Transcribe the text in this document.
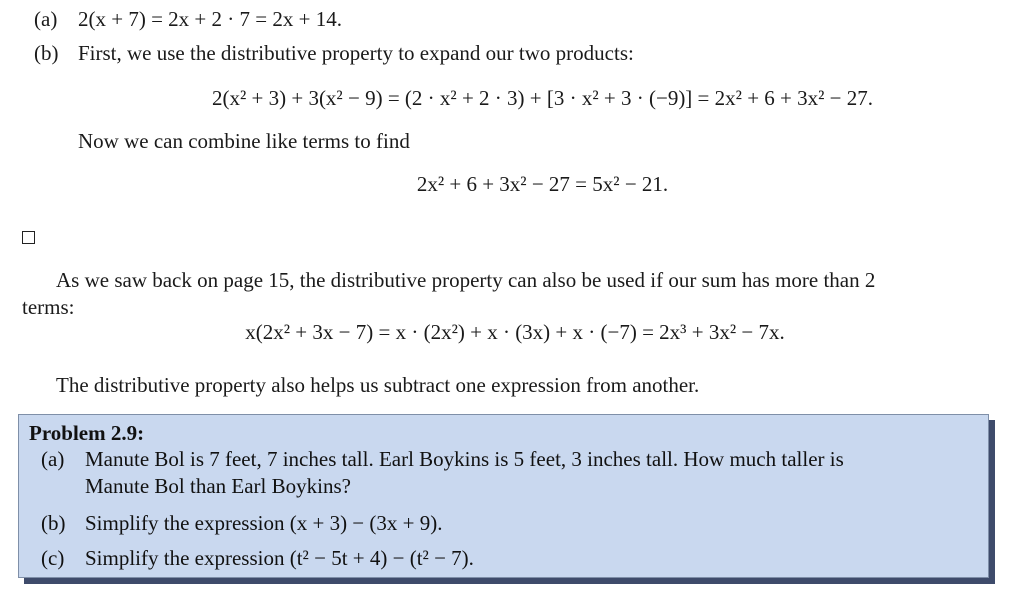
(a) 2(x + 7) = 2x + 2 · 7 = 2x + 14.
(b) First, we use the distributive property to expand our two products:
2(x² + 3) + 3(x² − 9) = (2 · x² + 2 · 3) + [3 · x² + 3 · (−9)] = 2x² + 6 + 3x² − 27.
Now we can combine like terms to find
2x² + 6 + 3x² − 27 = 5x² − 21.
As we saw back on page 15, the distributive property can also be used if our sum has more than 2
terms:
x(2x² + 3x − 7) = x · (2x²) + x · (3x) + x · (−7) = 2x³ + 3x² − 7x.
The distributive property also helps us subtract one expression from another.
Problem 2.9:
(a) Manute Bol is 7 feet, 7 inches tall. Earl Boykins is 5 feet, 3 inches tall. How much taller is
Manute Bol than Earl Boykins?
(b) Simplify the expression (x + 3) − (3x + 9).
(c) Simplify the expression (t² − 5t + 4) − (t² − 7).
